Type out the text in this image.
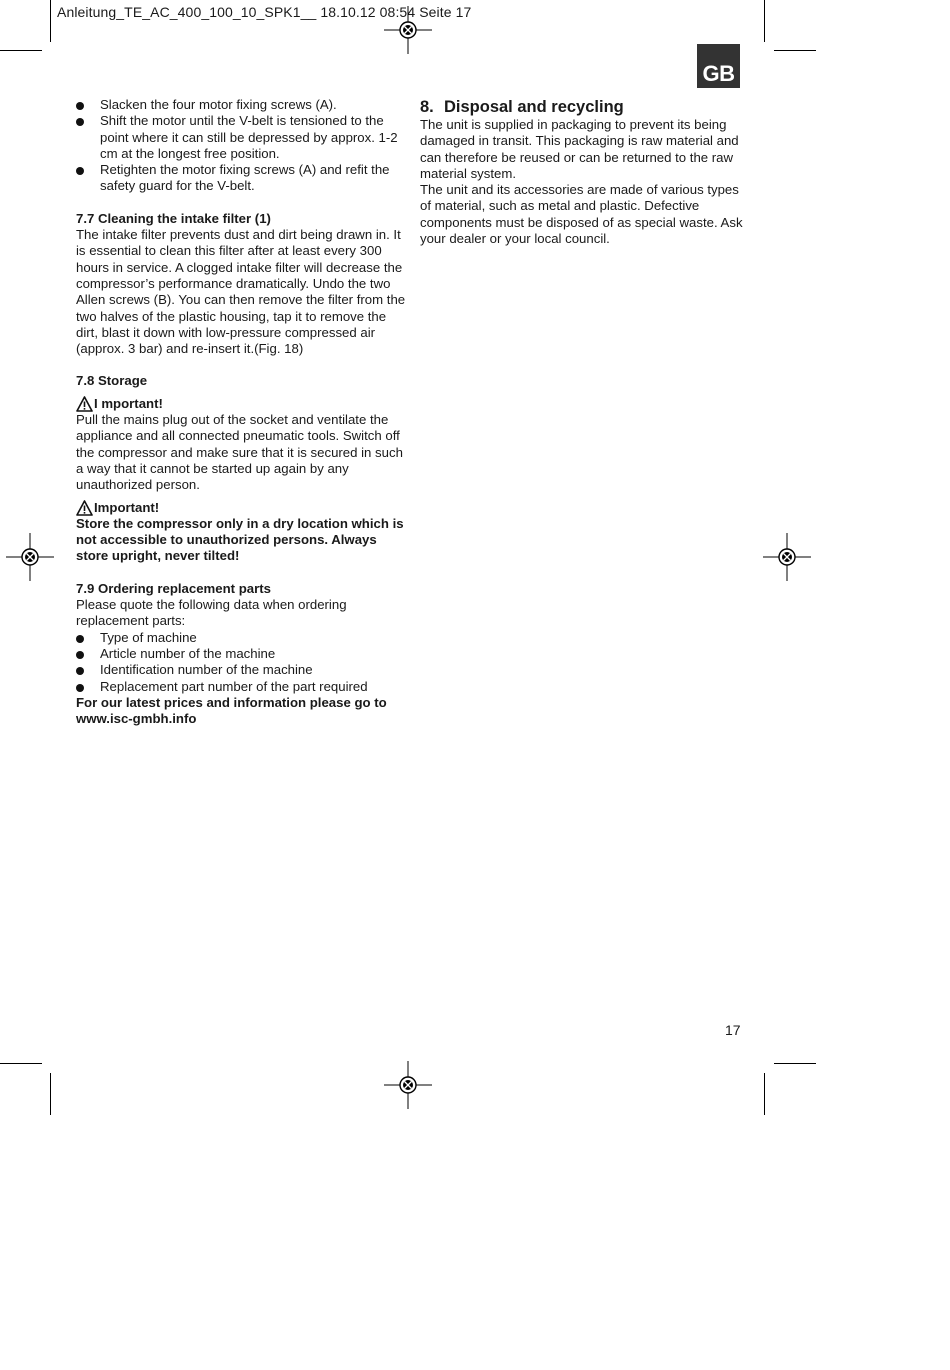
Anleitung_TE_AC_400_100_10_SPK1__ 18.10.12 08:54 Seite 17
GB
Slacken the four motor fixing screws (A).
Shift the motor until the V-belt is tensioned to the point where it can still be depressed by approx. 1-2 cm at the longest free position.
Retighten the motor fixing screws (A) and refit the safety guard for the V-belt.

7.7 Cleaning the intake filter (1)

The intake filter prevents dust and dirt being drawn in. It is essential to clean this filter after at least every 300 hours in service. A clogged intake filter will decrease the compressor’s performance dramatically. Undo the two Allen screws (B). You can then remove the filter from the two halves of the plastic housing, tap it to remove the dirt, blast it down with low-pressure compressed air (approx. 3 bar) and re-insert it.(Fig. 18)

7.8 Storage

I mportant!

Pull the mains plug out of the socket and ventilate the appliance and all connected pneumatic tools. Switch off the compressor and make sure that it is secured in such a way that it cannot be started up again by any unauthorized person.

Important!

Store the compressor only in a dry location which is not accessible to unauthorized persons. Always store upright, never tilted!

7.9 Ordering replacement parts

Please quote the following data when ordering replacement parts:

Type of machine
Article number of the machine
Identification number of the machine
Replacement part number of the part required

For our latest prices and information please go to www.isc-gmbh.info

8. Disposal and recycling

The unit is supplied in packaging to prevent its being damaged in transit. This packaging is raw material and can therefore be reused or can be returned to the raw material system.

The unit and its accessories are made of various types of material, such as metal and plastic. Defective components must be disposed of as special waste. Ask your dealer or your local council.

17
